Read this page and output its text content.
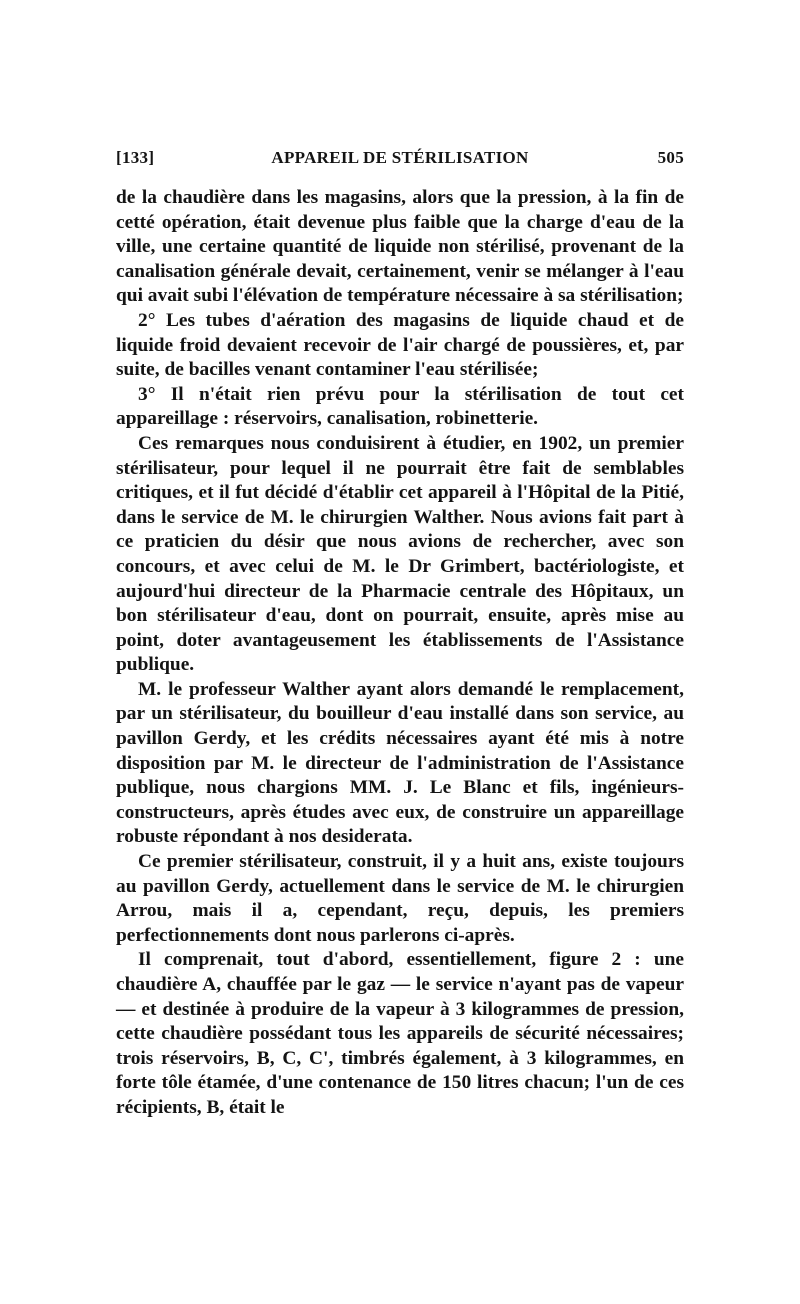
[133]	APPAREIL DE STÉRILISATION	505

de la chaudière dans les magasins, alors que la pression, à la fin de cetté opération, était devenue plus faible que la charge d'eau de la ville, une certaine quantité de liquide non stérilisé, provenant de la canalisation générale devait, certainement, venir se mélanger à l'eau qui avait subi l'élévation de température nécessaire à sa stérilisation;

2° Les tubes d'aération des magasins de liquide chaud et de liquide froid devaient recevoir de l'air chargé de poussières, et, par suite, de bacilles venant contaminer l'eau stérilisée;

3° Il n'était rien prévu pour la stérilisation de tout cet appareillage : réservoirs, canalisation, robinetterie.

Ces remarques nous conduisirent à étudier, en 1902, un premier stérilisateur, pour lequel il ne pourrait être fait de semblables critiques, et il fut décidé d'établir cet appareil à l'Hôpital de la Pitié, dans le service de M. le chirurgien Walther. Nous avions fait part à ce praticien du désir que nous avions de rechercher, avec son concours, et avec celui de M. le Dr Grimbert, bactériologiste, et aujourd'hui directeur de la Pharmacie centrale des Hôpitaux, un bon stérilisateur d'eau, dont on pourrait, ensuite, après mise au point, doter avantageusement les établissements de l'Assistance publique.

M. le professeur Walther ayant alors demandé le remplacement, par un stérilisateur, du bouilleur d'eau installé dans son service, au pavillon Gerdy, et les crédits nécessaires ayant été mis à notre disposition par M. le directeur de l'administration de l'Assistance publique, nous chargions MM. J. Le Blanc et fils, ingénieurs-constructeurs, après études avec eux, de construire un appareillage robuste répondant à nos desiderata.

Ce premier stérilisateur, construit, il y a huit ans, existe toujours au pavillon Gerdy, actuellement dans le service de M. le chirurgien Arrou, mais il a, cependant, reçu, depuis, les premiers perfectionnements dont nous parlerons ci-après.

Il comprenait, tout d'abord, essentiellement, figure 2 : une chaudière A, chauffée par le gaz — le service n'ayant pas de vapeur — et destinée à produire de la vapeur à 3 kilogrammes de pression, cette chaudière possédant tous les appareils de sécurité nécessaires; trois réservoirs, B, C, C', timbrés également, à 3 kilogrammes, en forte tôle étamée, d'une contenance de 150 litres chacun; l'un de ces récipients, B, était le
